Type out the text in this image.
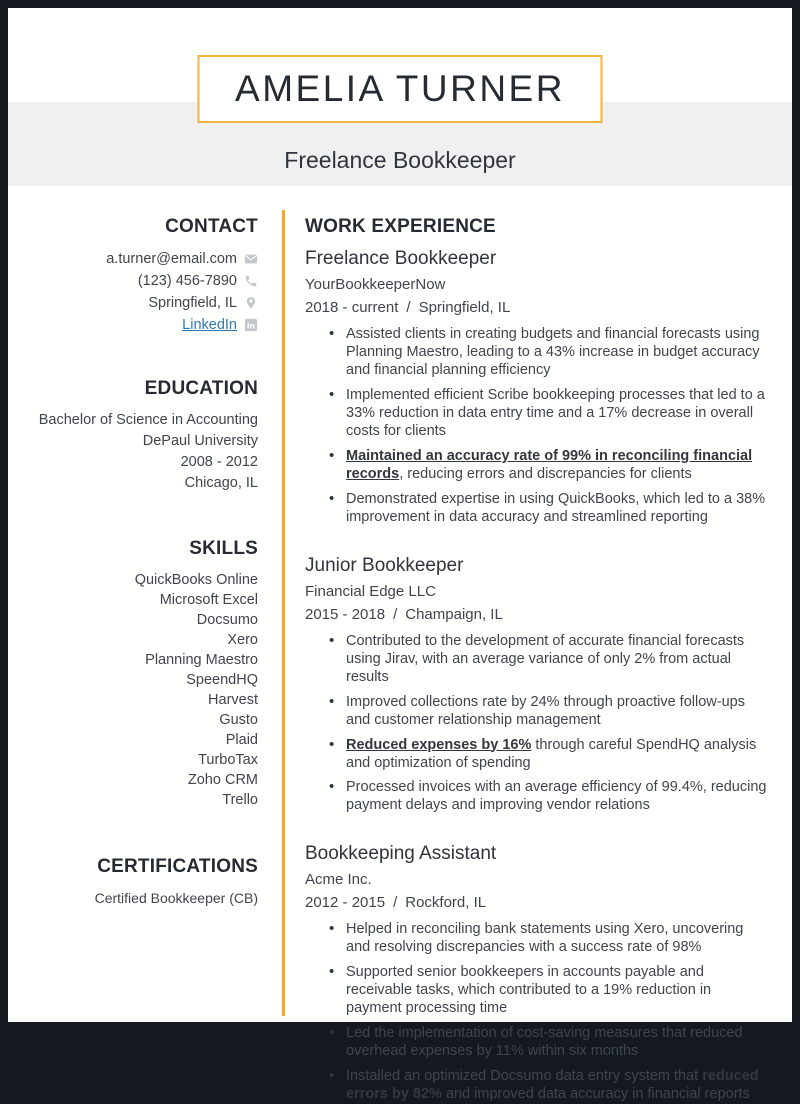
AMELIA TURNER
Freelance Bookkeeper
CONTACT
a.turner@email.com
(123) 456-7890
Springfield, IL
LinkedIn in
EDUCATION
Bachelor of Science in Accounting
DePaul University
2008 - 2012
Chicago, IL
SKILLS
QuickBooks Online
Microsoft Excel
Docsumo
Xero
Planning Maestro
SpeendHQ
Harvest
Gusto
Plaid
TurboTax
Zoho CRM
Trello
CERTIFICATIONS
Certified Bookkeeper (CB)
WORK EXPERIENCE
Freelance Bookkeeper
YourBookkeeperNow
2018 - current / Springfield, IL
• Assisted clients in creating budgets and financial forecasts using Planning Maestro, leading to a 43% increase in budget accuracy and financial planning efficiency
• Implemented efficient Scribe bookkeeping processes that led to a 33% reduction in data entry time and a 17% decrease in overall costs for clients
• Maintained an accuracy rate of 99% in reconciling financial records, reducing errors and discrepancies for clients
• Demonstrated expertise in using QuickBooks, which led to a 38% improvement in data accuracy and streamlined reporting
Junior Bookkeeper
Financial Edge LLC
2015 - 2018 / Champaign, IL
• Contributed to the development of accurate financial forecasts using Jirav, with an average variance of only 2% from actual results
• Improved collections rate by 24% through proactive follow-ups and customer relationship management
• Reduced expenses by 16% through careful SpendHQ analysis and optimization of spending
• Processed invoices with an average efficiency of 99.4%, reducing payment delays and improving vendor relations
Bookkeeping Assistant
Acme Inc.
2012 - 2015 / Rockford, IL
• Helped in reconciling bank statements using Xero, uncovering and resolving discrepancies with a success rate of 98%
• Supported senior bookkeepers in accounts payable and receivable tasks, which contributed to a 19% reduction in payment processing time
• Led the implementation of cost-saving measures that reduced overhead expenses by 11% within six months
• Installed an optimized Docsumo data entry system that reduced errors by 82% and improved data accuracy in financial reports
